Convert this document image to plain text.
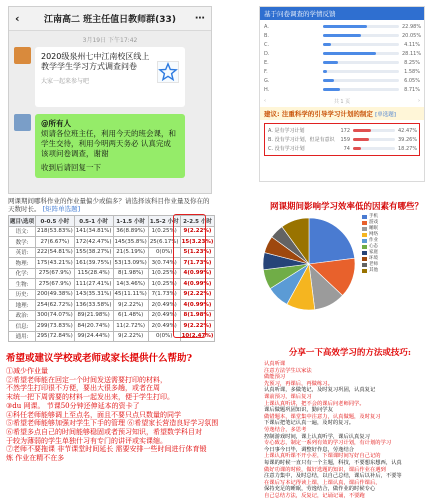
‹	江南高二 班主任值日教师群(33)	⋯
3月19日 下午17:42
2020级泉州七中江南校区线上教学学生学习方式调查问卷
大家一起来参与吧
@所有人
烦请各位班主任，利用今天的班会课，和学生交待，利用今明两天务必 认真完成 该项问卷调查，谢谢
收到后请回复一下
基于问卷调查的学情反馈
A.	22.98%
B.	20.05%
C.	4.11%
D.	28.11%
E.	8.25%
F.	1.58%
G.	6.05%
H.	8.71%
‹	共 1 页	›
建议: 注重科学的引导学习计划的制定 [单选题]
A. 是有学习计划	172	42.47%
B. 没有学习计划，但是有意识	159	39.26%
C. 没有学习计划	74	18.27%
网课期间哪科作业的作业量偏少或偏多？请选择该科目作业量及你在的天数时长。 [矩阵单选题]
题目\选项	0-0.5 小时	0.5-1 小时	1-1.5 小时	1.5-2 小时	2-2.5 小时
语文:	218(53.83%)	141(34.81%)	36(8.89%)	1(0.25%)	9(2.22%)
数学:	27(6.67%)	172(42.47%)	145(35.8%)	25(6.17%)	15(3.23%)
英语:	222(54.81%)	155(38.27%)	21(5.19%)	0(0%)	5(1.23%)
物理:	175(43.21%)	161(39.75%)	53(13.09%)	3(0.74%)	7(1.73%)
化学:	275(67.9%)	115(28.4%)	8(1.98%)	1(0.25%)	4(0.99%)
生物:	275(67.9%)	111(27.41%)	14(3.46%)	1(0.25%)	4(0.99%)
历史:	200(49.38%)	143(35.31%)	45(11.11%)	7(1.73%)	9(2.22%)
地理:	254(62.72%)	136(33.58%)	9(2.22%)	2(0.49%)	4(0.99%)
政治:	300(74.07%)	89(21.98%)	6(1.48%)	2(0.49%)	8(1.98%)
信息:	299(73.83%)	84(20.74%)	11(2.72%)	2(0.49%)	9(2.22%)
通用:	295(72.84%)	99(24.44%)	9(2.22%)	0(0%)	10(2.47%)
网课期间影响学习效率低的因素有哪些？
手机
游戏
睡眠
网络
作业
心态
家庭
环境
老师
其他
希望或建议学校或老师或家长提供什么帮助?
①减少作业量
②希望老师能在回定一个时间发送需要打印的材料，
不然学生打印很不方便，要出大很多趟，或者在周
末统一把下周需要的材料一起发出来，便于学生打印。
③du 网课。 节课50分钟还伸延本的资卡了
④科任老师能够调上至点名，面且不要只点只数量的同学
⑤希望老师能够加强对学生下手的管理 ⑥希望家长营造良好学习氛围
⑥希望多点自己的时间能够稳固或者预习知识，希望数学科目对
于较为薄弱的学生单独什习有专门的讲评或实课缩。
⑦老师不要拖课 非节课堂时间延长 需要安排一些时间进行体育锻
炼 作业在精不在多
分享一下高效学习的方法或技巧:
认真听课
注意方法学生以家法
做能预习
先预习，再课后，再做练习。
认真听课，多做笔记，及时复习巩固，认真复记
课前预习，课后复习
上课认真听讲，把不会的课后问老师同学。
课后做题巩固知识，勤问学友
做错题本，课堂集中注意力，认真做题，及时复习
下课后把笔记认真一遍，及时的复习。
劳逸结合，多思考
控制游戏时间，课上认真听学，课后认真复习
专心致志，制定一系列有效的学习计划，有计划的学习
今日事今日毕，调整好作息，劳逸结合
上课认真听课不开小差，下课课时间写好自己记的
每课的时候一直只有一个主题，科技，不要想东想西，认真
做好功课的时候，做好选题的知识，课后作业在遇到
注意力集中，及时总结，以自己总结，课后以补后，不要等
在课后写本记得读上课，上课认真，课后作课后，
保持充足的睡眠，劳逸结合，做作业的时候专心
自己总结方法，反复记，记诵记诵，不要跑
